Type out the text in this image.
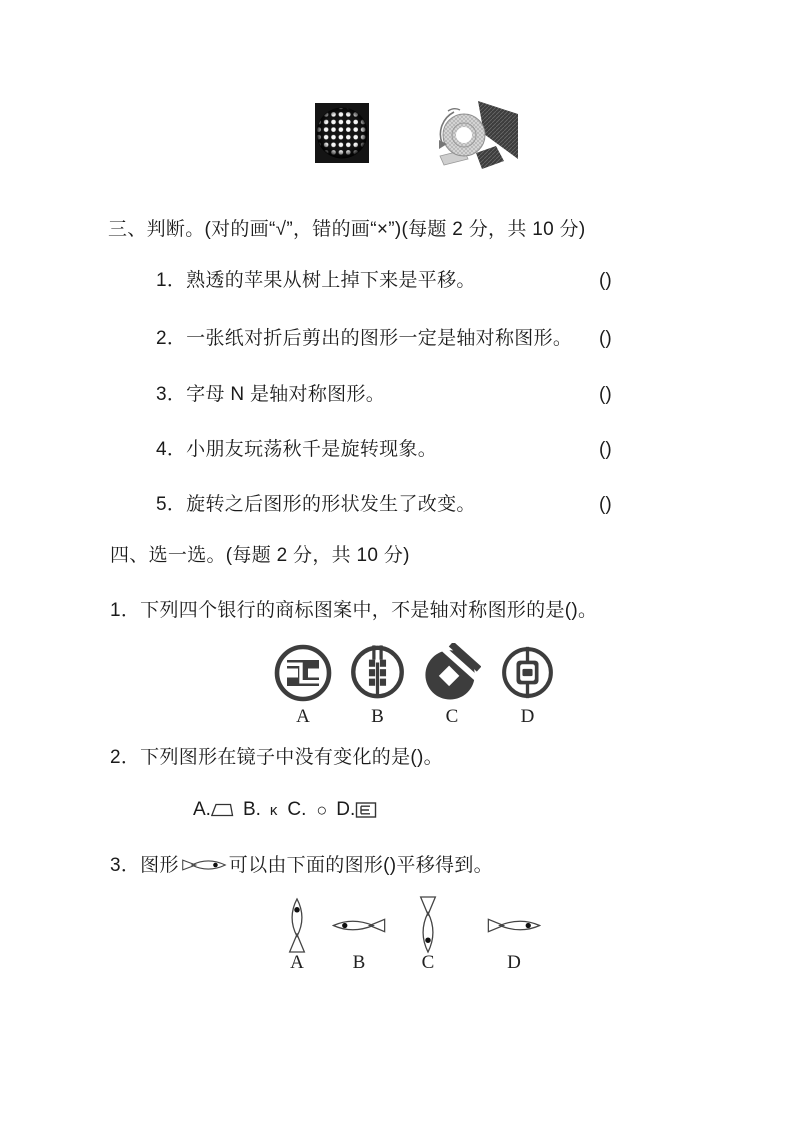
三、判断。(对的画“√”，错的画“×”)(每题 2 分，共 10 分)
1．熟透的苹果从树上掉下来是平移。	()
2．一张纸对折后剪出的图形一定是轴对称图形。 ()
3．字母 N 是轴对称图形。	()
4．小朋友玩荡秋千是旋转现象。	()
5．旋转之后图形的形状发生了改变。	()
四、选一选。(每题 2 分，共 10 分)
1．下列四个银行的商标图案中，不是轴对称图形的是()。
A	B	C	D
2．下列图形在镜子中没有变化的是()。
A. B. κ C. ○ D.
3．图形	可以由下面的图形()平移得到。
A	B	C	D
